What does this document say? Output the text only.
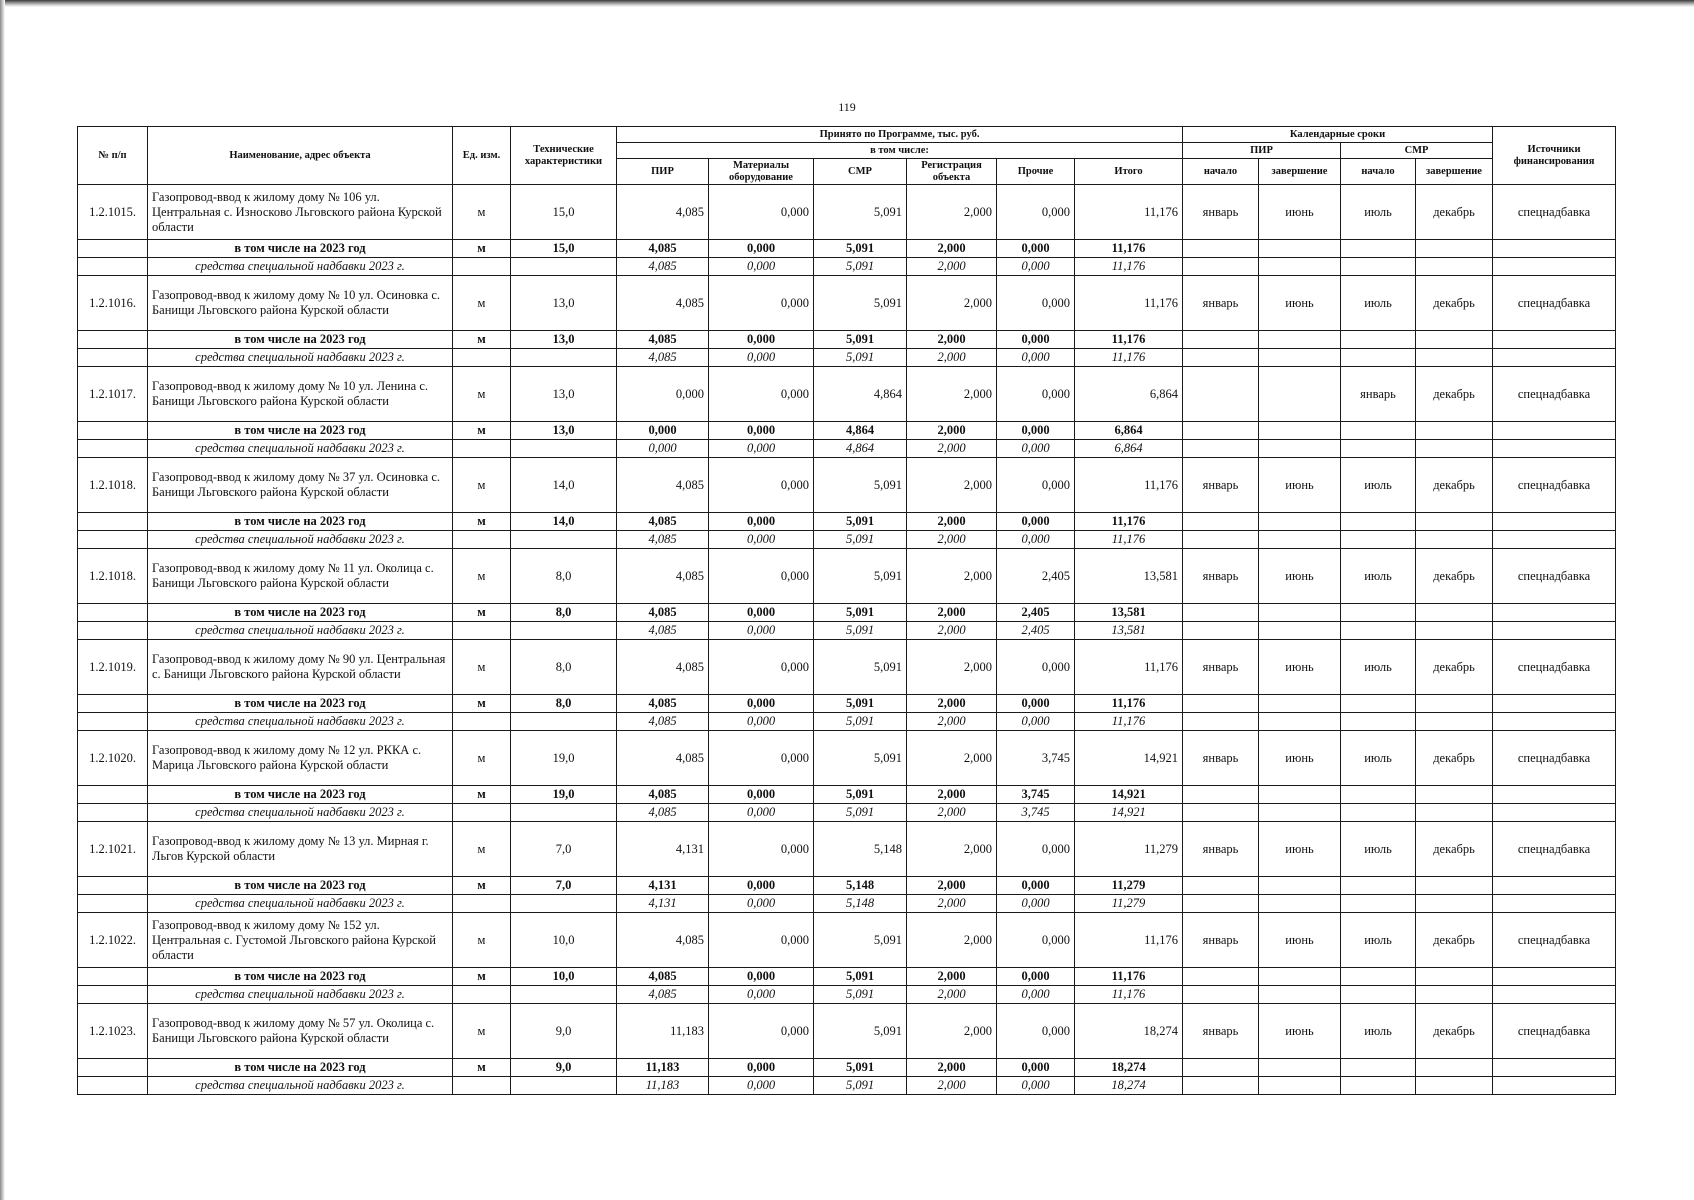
119
№ п/п	Наименование, адрес объекта	Ед. изм.	Технические характеристики	Принято по Программе, тыс. руб.						Календарные сроки				Источники финансирования
				в том числе:						ПИР		СМР		
				ПИР	Материалы оборудование	СМР	Регистрация объекта	Прочие	Итого	начало	завершение	начало	завершение	
1.2.1015.	Газопровод-ввод к жилому дому № 106 ул. Центральная с. Износково Льговского района Курской области	м	15,0	4,085	0,000	5,091	2,000	0,000	11,176	январь	июнь	июль	декабрь	спецнадбавка
	в том числе на 2023 год	м	15,0	4,085	0,000	5,091	2,000	0,000	11,176					
	средства специальной надбавки 2023 г.			4,085	0,000	5,091	2,000	0,000	11,176					
1.2.1016.	Газопровод-ввод к жилому дому № 10 ул. Осиновка с. Банищи Льговского района Курской области	м	13,0	4,085	0,000	5,091	2,000	0,000	11,176	январь	июнь	июль	декабрь	спецнадбавка
	в том числе на 2023 год	м	13,0	4,085	0,000	5,091	2,000	0,000	11,176					
	средства специальной надбавки 2023 г.			4,085	0,000	5,091	2,000	0,000	11,176					
1.2.1017.	Газопровод-ввод к жилому дому № 10 ул. Ленина с. Банищи Льговского района Курской области	м	13,0	0,000	0,000	4,864	2,000	0,000	6,864			январь	декабрь	спецнадбавка
	в том числе на 2023 год	м	13,0	0,000	0,000	4,864	2,000	0,000	6,864					
	средства специальной надбавки 2023 г.			0,000	0,000	4,864	2,000	0,000	6,864					
1.2.1018.	Газопровод-ввод к жилому дому № 37 ул. Осиновка с. Банищи Льговского района Курской области	м	14,0	4,085	0,000	5,091	2,000	0,000	11,176	январь	июнь	июль	декабрь	спецнадбавка
	в том числе на 2023 год	м	14,0	4,085	0,000	5,091	2,000	0,000	11,176					
	средства специальной надбавки 2023 г.			4,085	0,000	5,091	2,000	0,000	11,176					
1.2.1018.	Газопровод-ввод к жилому дому № 11 ул. Околица с. Банищи Льговского района Курской области	м	8,0	4,085	0,000	5,091	2,000	2,405	13,581	январь	июнь	июль	декабрь	спецнадбавка
	в том числе на 2023 год	м	8,0	4,085	0,000	5,091	2,000	2,405	13,581					
	средства специальной надбавки 2023 г.			4,085	0,000	5,091	2,000	2,405	13,581					
1.2.1019.	Газопровод-ввод к жилому дому № 90 ул. Центральная с. Банищи Льговского района Курской области	м	8,0	4,085	0,000	5,091	2,000	0,000	11,176	январь	июнь	июль	декабрь	спецнадбавка
	в том числе на 2023 год	м	8,0	4,085	0,000	5,091	2,000	0,000	11,176					
	средства специальной надбавки 2023 г.			4,085	0,000	5,091	2,000	0,000	11,176					
1.2.1020.	Газопровод-ввод к жилому дому № 12 ул. РККА с. Марица Льговского района Курской области	м	19,0	4,085	0,000	5,091	2,000	3,745	14,921	январь	июнь	июль	декабрь	спецнадбавка
	в том числе на 2023 год	м	19,0	4,085	0,000	5,091	2,000	3,745	14,921					
	средства специальной надбавки 2023 г.			4,085	0,000	5,091	2,000	3,745	14,921					
1.2.1021.	Газопровод-ввод к жилому дому № 13 ул. Мирная г. Льгов Курской области	м	7,0	4,131	0,000	5,148	2,000	0,000	11,279	январь	июнь	июль	декабрь	спецнадбавка
	в том числе на 2023 год	м	7,0	4,131	0,000	5,148	2,000	0,000	11,279					
	средства специальной надбавки 2023 г.			4,131	0,000	5,148	2,000	0,000	11,279					
1.2.1022.	Газопровод-ввод к жилому дому № 152 ул. Центральная с. Густомой Льговского района Курской области	м	10,0	4,085	0,000	5,091	2,000	0,000	11,176	январь	июнь	июль	декабрь	спецнадбавка
	в том числе на 2023 год	м	10,0	4,085	0,000	5,091	2,000	0,000	11,176					
	средства специальной надбавки 2023 г.			4,085	0,000	5,091	2,000	0,000	11,176					
1.2.1023.	Газопровод-ввод к жилому дому № 57 ул. Околица с. Банищи Льговского района Курской области	м	9,0	11,183	0,000	5,091	2,000	0,000	18,274	январь	июнь	июль	декабрь	спецнадбавка
	в том числе на 2023 год	м	9,0	11,183	0,000	5,091	2,000	0,000	18,274					
	средства специальной надбавки 2023 г.			11,183	0,000	5,091	2,000	0,000	18,274					
